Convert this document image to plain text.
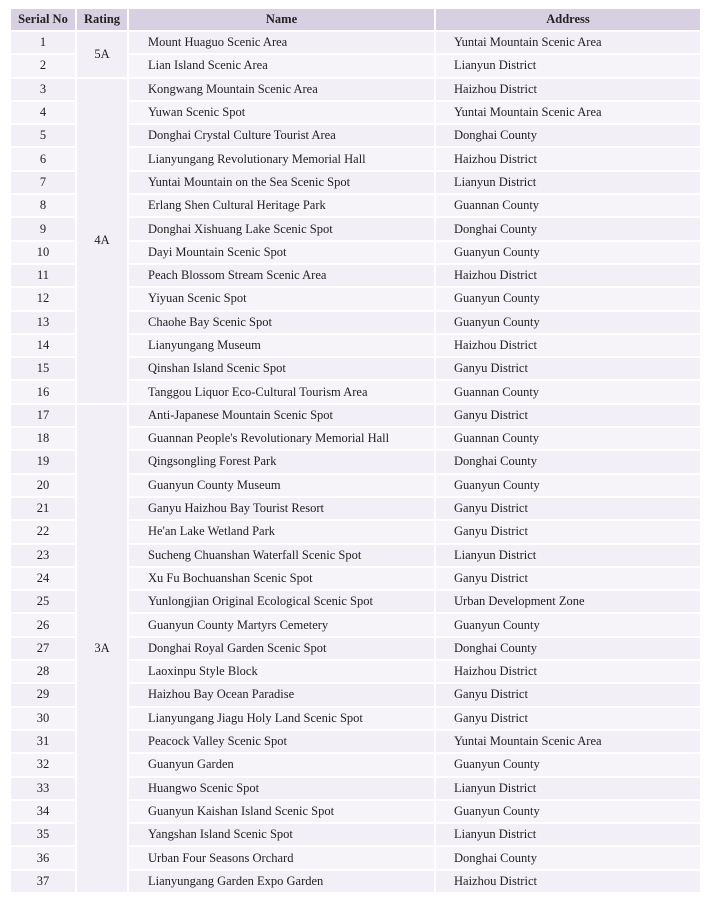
Serial No	Rating	Name	Address
1	5A	Mount Huaguo Scenic Area	Yuntai Mountain Scenic Area
2		Lian Island Scenic Area	Lianyun District
3	4A	Kongwang Mountain Scenic Area	Haizhou District
4		Yuwan Scenic Spot	Yuntai Mountain Scenic Area
5		Donghai Crystal Culture Tourist Area	Donghai County
6		Lianyungang Revolutionary Memorial Hall	Haizhou District
7		Yuntai Mountain on the Sea Scenic Spot	Lianyun District
8		Erlang Shen Cultural Heritage Park	Guannan County
9		Donghai Xishuang Lake Scenic Spot	Donghai County
10		Dayi Mountain Scenic Spot	Guanyun County
11		Peach Blossom Stream Scenic Area	Haizhou District
12		Yiyuan Scenic Spot	Guanyun County
13		Chaohe Bay Scenic Spot	Guanyun County
14		Lianyungang Museum	Haizhou District
15		Qinshan Island Scenic Spot	Ganyu District
16		Tanggou Liquor Eco-Cultural Tourism Area	Guannan County
17	3A	Anti-Japanese Mountain Scenic Spot	Ganyu District
18		Guannan People's Revolutionary Memorial Hall	Guannan County
19		Qingsongling Forest Park	Donghai County
20		Guanyun County Museum	Guanyun County
21		Ganyu Haizhou Bay Tourist Resort	Ganyu District
22		He'an Lake Wetland Park	Ganyu District
23		Sucheng Chuanshan Waterfall Scenic Spot	Lianyun District
24		Xu Fu Bochuanshan Scenic Spot	Ganyu District
25		Yunlongjian Original Ecological Scenic Spot	Urban Development Zone
26		Guanyun County Martyrs Cemetery	Guanyun County
27		Donghai Royal Garden Scenic Spot	Donghai County
28		Laoxinpu Style Block	Haizhou District
29		Haizhou Bay Ocean Paradise	Ganyu District
30		Lianyungang Jiagu Holy Land Scenic Spot	Ganyu District
31		Peacock Valley Scenic Spot	Yuntai Mountain Scenic Area
32		Guanyun Garden	Guanyun County
33		Huangwo Scenic Spot	Lianyun District
34		Guanyun Kaishan Island Scenic Spot	Guanyun County
35		Yangshan Island Scenic Spot	Lianyun District
36		Urban Four Seasons Orchard	Donghai County
37		Lianyungang Garden Expo Garden	Haizhou District
